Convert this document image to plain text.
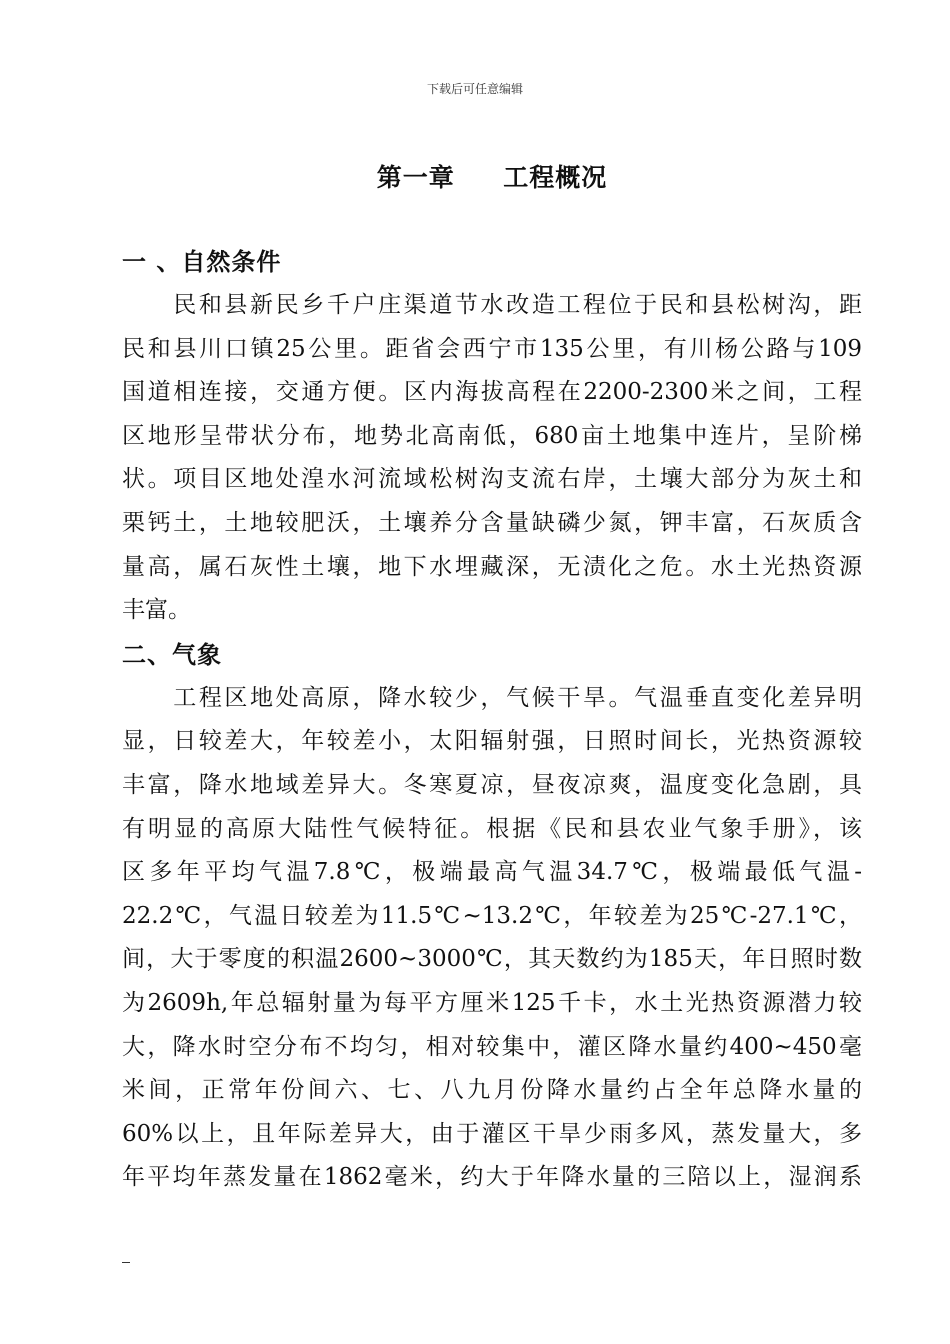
下载后可任意编辑
第一章     工程概况
一 、自然条件
　　民和县新民乡千户庄渠道节水改造工程位于民和县松树沟，距
民和县川口镇25公里。距省会西宁市135公里，有川杨公路与109
国道相连接，交通方便。区内海拔高程在2200-2300米之间，工程
区地形呈带状分布，地势北高南低，680亩土地集中连片，呈阶梯
状。项目区地处湟水河流域松树沟支流右岸，土壤大部分为灰土和
栗钙土，土地较肥沃，土壤养分含量缺磷少氮，钾丰富，石灰质含
量高，属石灰性土壤，地下水埋藏深，无渍化之危。水土光热资源
丰富。
二、气象
　　工程区地处高原，降水较少，气候干旱。气温垂直变化差异明
显，日较差大，年较差小，太阳辐射强，日照时间长，光热资源较
丰富，降水地域差异大。冬寒夏凉，昼夜凉爽，温度变化急剧，具
有明显的高原大陆性气候特征。根据《民和县农业气象手册》，该
区多年平均气温7.8℃，极端最高气温34.7℃，极端最低气温-
22.2℃，气温日较差为11.5℃~13.2℃，年较差为25℃-27.1℃，
间，大于零度的积温2600~3000℃，其天数约为185天，年日照时数
为2609h,年总辐射量为每平方厘米125千卡，水土光热资源潜力较
大，降水时空分布不均匀，相对较集中，灌区降水量约400~450毫
米间，正常年份间六、七、八九月份降水量约占全年总降水量的
60%以上，且年际差异大，由于灌区干旱少雨多风，蒸发量大，多
年平均年蒸发量在1862毫米，约大于年降水量的三陪以上，湿润系
